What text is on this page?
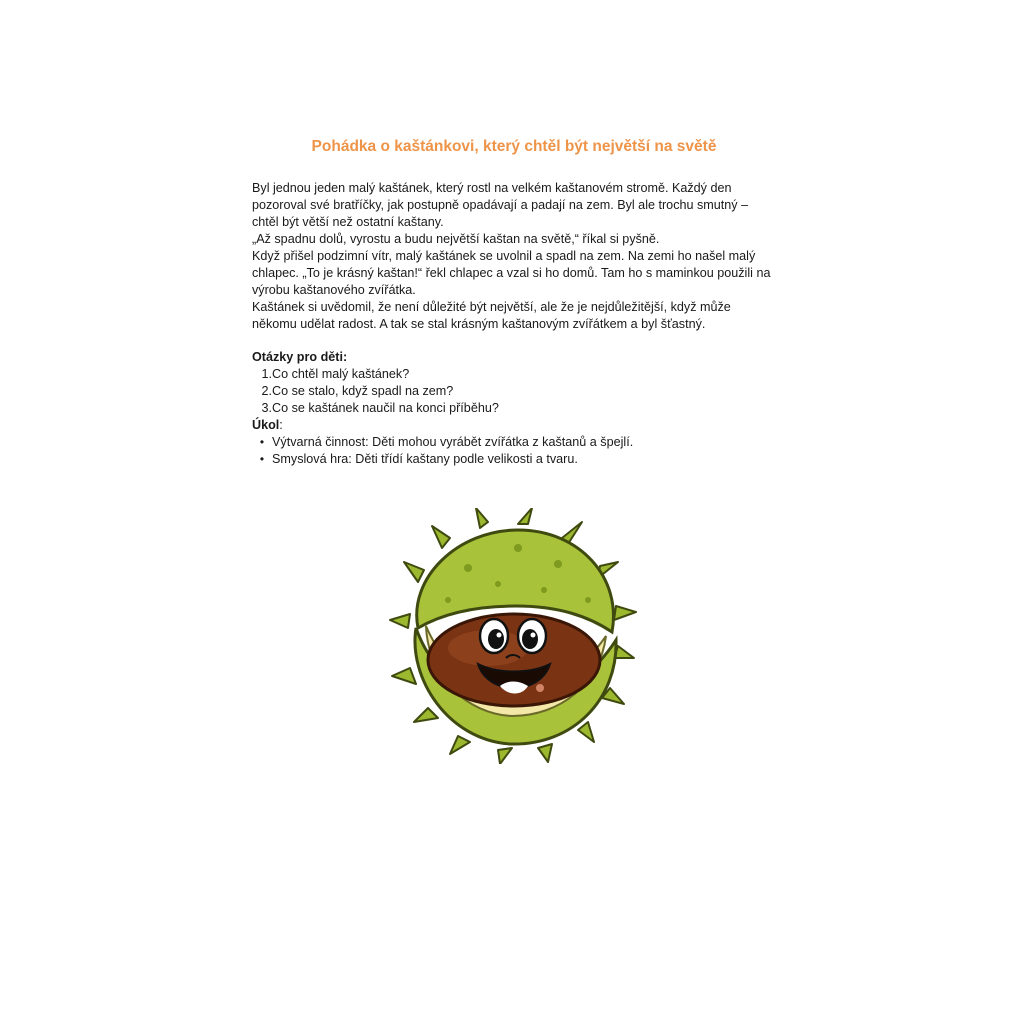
Pohádka o kaštánkovi, který chtěl být největší na světě

Byl jednou jeden malý kaštánek, který rostl na velkém kaštanovém stromě. Každý den pozoroval své bratříčky, jak postupně opadávají a padají na zem. Byl ale trochu smutný – chtěl být větší než ostatní kaštany.

„Až spadnu dolů, vyrostu a budu největší kaštan na světě,“ říkal si pyšně.

Když přišel podzimní vítr, malý kaštánek se uvolnil a spadl na zem. Na zemi ho našel malý chlapec. „To je krásný kaštan!“ řekl chlapec a vzal si ho domů. Tam ho s maminkou použili na výrobu kaštanového zvířátka.

Kaštánek si uvědomil, že není důležité být největší, ale že je nejdůležitější, když může někomu udělat radost. A tak se stal krásným kaštanovým zvířátkem a byl šťastný.

Otázky pro děti:

1. Co chtěl malý kaštánek?
2. Co se stalo, když spadl na zem?
3. Co se kaštánek naučil na konci příběhu?

Úkol:

• Výtvarná činnost: Děti mohou vyrábět zvířátka z kaštanů a špejlí.
• Smyslová hra: Děti třídí kaštany podle velikosti a tvaru.
